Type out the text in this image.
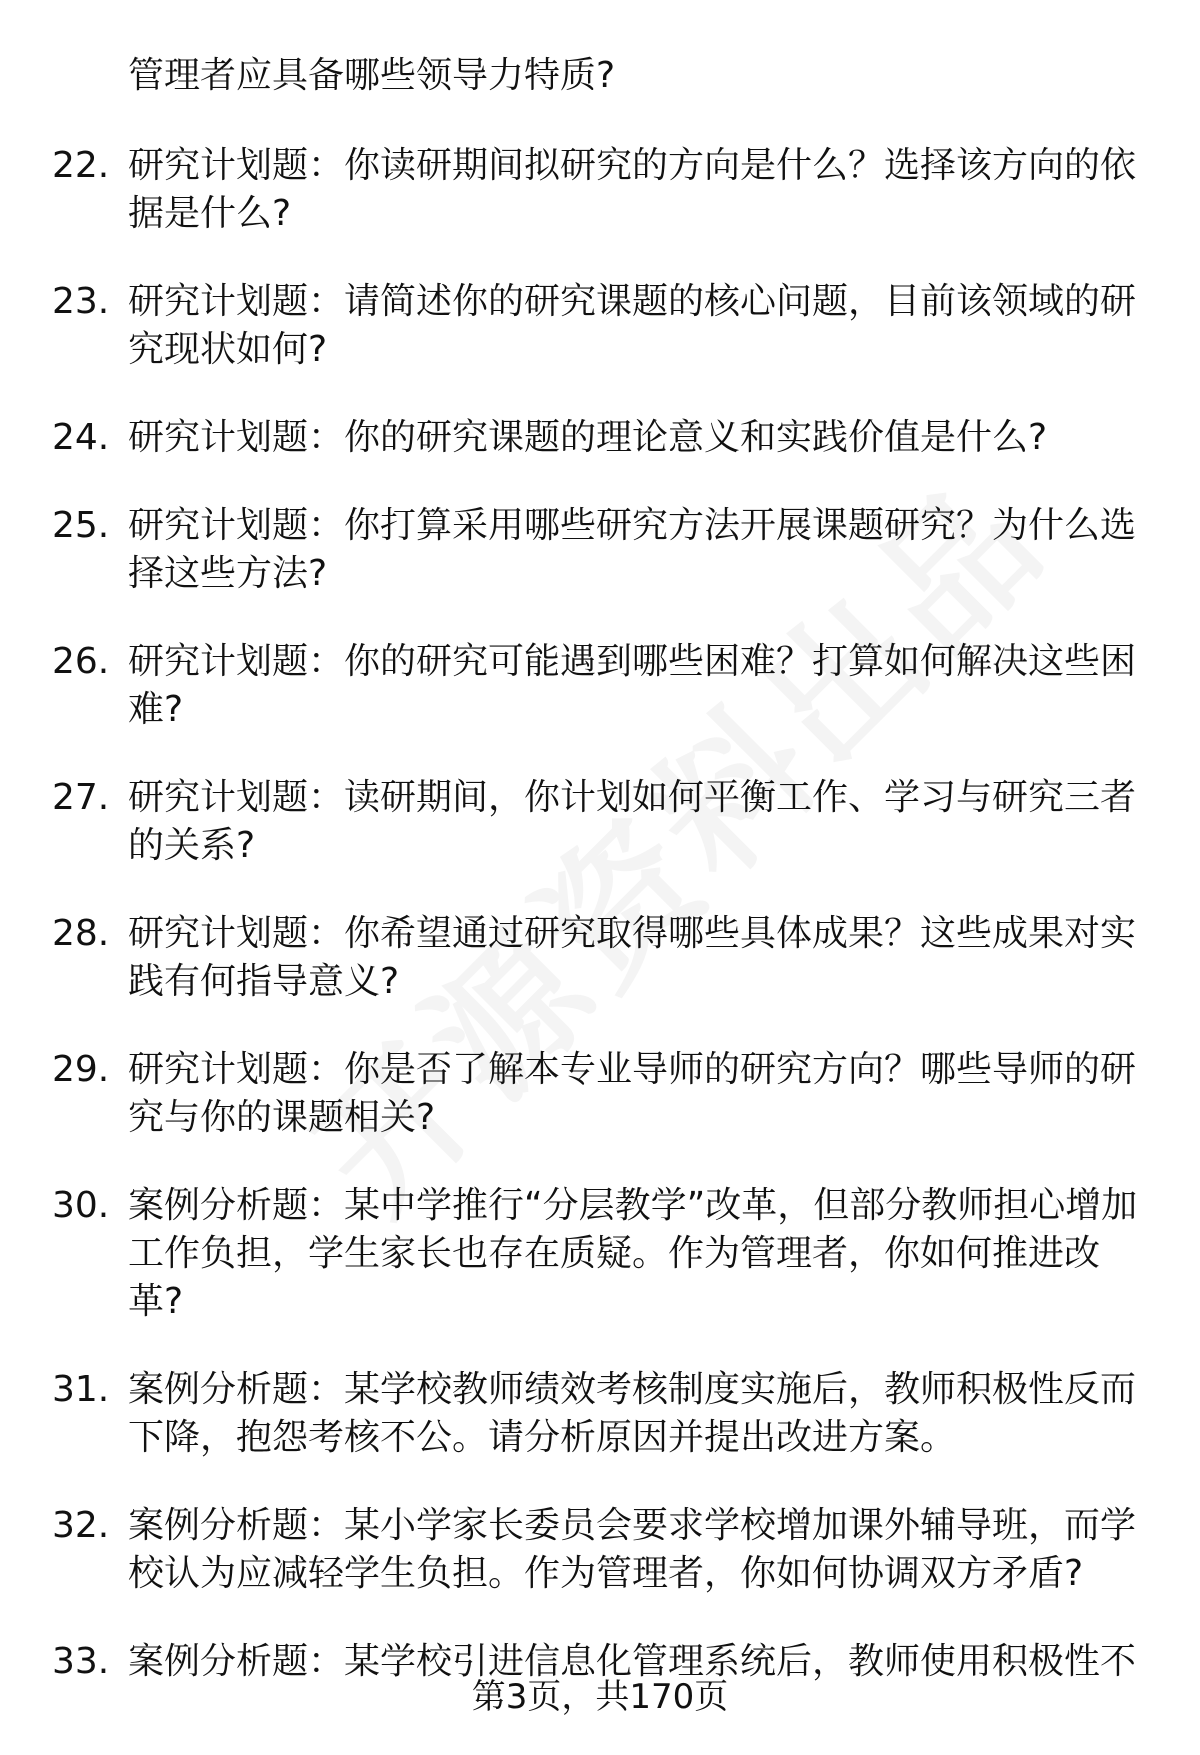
管理者应具备哪些领导力特质?
22. 研究计划题：你读研期间拟研究的方向是什么？选择该方向的依据是什么?
23. 研究计划题：请简述你的研究课题的核心问题，目前该领域的研究现状如何?
24. 研究计划题：你的研究课题的理论意义和实践价值是什么?
25. 研究计划题：你打算采用哪些研究方法开展课题研究？为什么选择这些方法?
26. 研究计划题：你的研究可能遇到哪些困难？打算如何解决这些困难?
27. 研究计划题：读研期间，你计划如何平衡工作、学习与研究三者的关系?
28. 研究计划题：你希望通过研究取得哪些具体成果？这些成果对实践有何指导意义?
29. 研究计划题：你是否了解本专业导师的研究方向？哪些导师的研究与你的课题相关?
30. 案例分析题：某中学推行“分层教学”改革，但部分教师担心增加工作负担，学生家长也存在质疑。作为管理者，你如何推进改革?
31. 案例分析题：某学校教师绩效考核制度实施后，教师积极性反而下降，抱怨考核不公。请分析原因并提出改进方案。
32. 案例分析题：某小学家长委员会要求学校增加课外辅导班，而学校认为应减轻学生负担。作为管理者，你如何协调双方矛盾?
33. 案例分析题：某学校引进信息化管理系统后，教师使用积极性不
第3页，共170页
